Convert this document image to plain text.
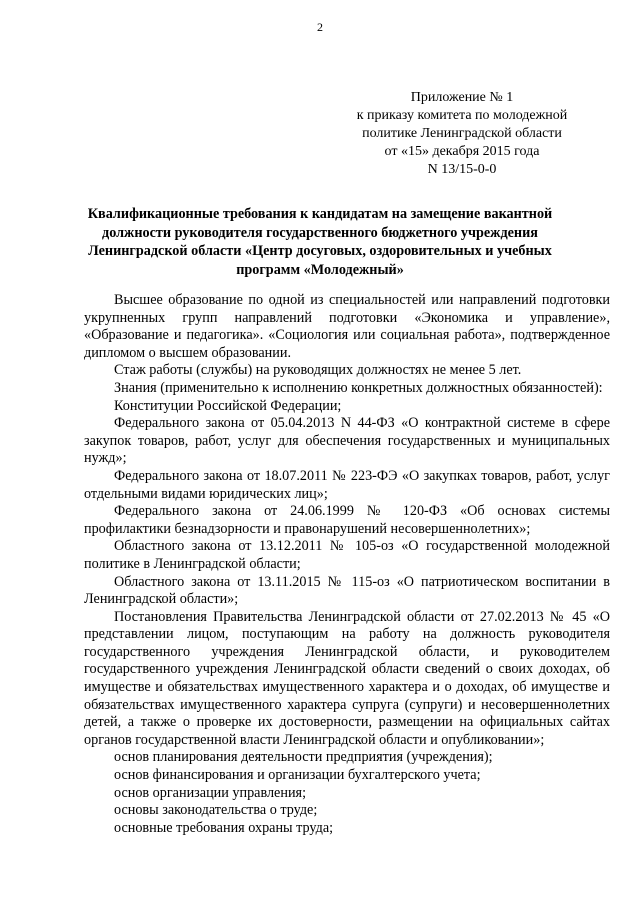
2
Приложение № 1
к приказу комитета по молодежной
политике Ленинградской области
от «15» декабря 2015 года
N 13/15-0-0
Квалификационные требования к кандидатам на замещение вакантной
должности руководителя государственного бюджетного учреждения
Ленинградской области «Центр досуговых, оздоровительных и учебных
программ «Молодежный»

Высшее образование по одной из специальностей или направлений подготовки укрупненных групп направлений подготовки «Экономика и управление», «Образование и педагогика». «Социология или социальная работа», подтвержденное дипломом о высшем образовании.

Стаж работы (службы) на руководящих должностях не менее 5 лет.

Знания (применительно к исполнению конкретных должностных обязанностей):

Конституции Российской Федерации;

Федерального закона от 05.04.2013 N 44-ФЗ «О контрактной системе в сфере закупок товаров, работ, услуг для обеспечения государственных и муниципальных нужд»;

Федерального закона от 18.07.2011 № 223-ФЭ «О закупках товаров, работ, услуг отдельными видами юридических лиц»;

Федерального закона от 24.06.1999 № 120-ФЗ «Об основах системы профилактики безнадзорности и правонарушений несовершеннолетних»;

Областного закона от 13.12.2011 № 105-оз «О государственной молодежной политике в Ленинградской области;

Областного закона от 13.11.2015 № 115-оз «О патриотическом воспитании в Ленинградской области»;

Постановления Правительства Ленинградской области от 27.02.2013 № 45 «О представлении лицом, поступающим на работу на должность руководителя государственного учреждения Ленинградской области, и руководителем государственного учреждения Ленинградской области сведений о своих доходах, об имуществе и обязательствах имущественного характера и о доходах, об имуществе и обязательствах имущественного характера супруга (супруги) и несовершеннолетних детей, а также о проверке их достоверности, размещении на официальных сайтах органов государственной власти Ленинградской области и опубликовании»;

основ планирования деятельности предприятия (учреждения);

основ финансирования и организации бухгалтерского учета;

основ организации управления;

основы законодательства о труде;

основные требования охраны труда;
